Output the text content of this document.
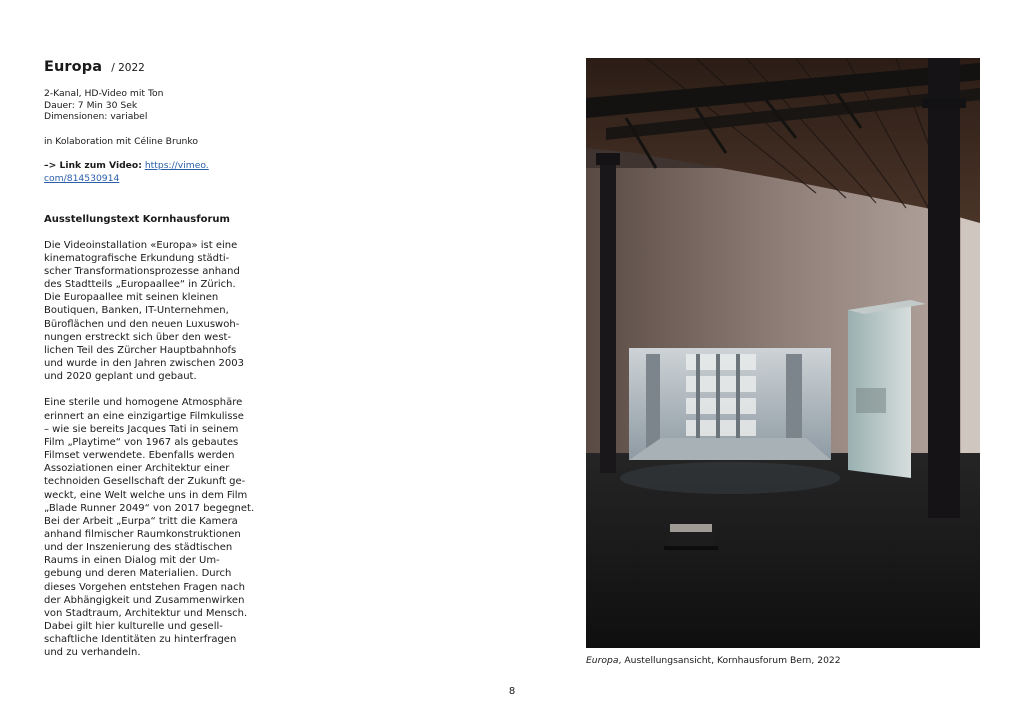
Europa / 2022

2-Kanal, HD-Video mit Ton
Dauer: 7 Min 30 Sek
Dimensionen: variabel
in Kolaboration mit Céline Brunko
–> Link zum Video: https://vimeo.
com/814530914
Ausstellungstext Kornhausforum
Die Videoinstallation «Europa» ist eine
kinematografische Erkundung städti-
scher Transformationsprozesse anhand
des Stadtteils „Europaallee“ in Zürich.
Die Europaallee mit seinen kleinen
Boutiquen, Banken, IT-Unternehmen,
Büroflächen und den neuen Luxuswoh-
nungen erstreckt sich über den west-
lichen Teil des Zürcher Hauptbahnhofs
und wurde in den Jahren zwischen 2003
und 2020 geplant und gebaut.
Eine sterile und homogene Atmosphäre
erinnert an eine einzigartige Filmkulisse
– wie sie bereits Jacques Tati in seinem
Film „Playtime“ von 1967 als gebautes
Filmset verwendete. Ebenfalls werden
Assoziationen einer Architektur einer
technoiden Gesellschaft der Zukunft ge-
weckt, eine Welt welche uns in dem Film
„Blade Runner 2049“ von 2017 begegnet.
Bei der Arbeit „Eurpa“ tritt die Kamera
anhand filmischer Raumkonstruktionen
und der Inszenierung des städtischen
Raums in einen Dialog mit der Um-
gebung und deren Materialien. Durch
dieses Vorgehen entstehen Fragen nach
der Abhängigkeit und Zusammenwirken
von Stadtraum, Architektur und Mensch.
Dabei gilt hier kulturelle und gesell-
schaftliche Identitäten zu hinterfragen
und zu verhandeln.
Europa, Austellungsansicht, Kornhausforum Bern, 2022
8
